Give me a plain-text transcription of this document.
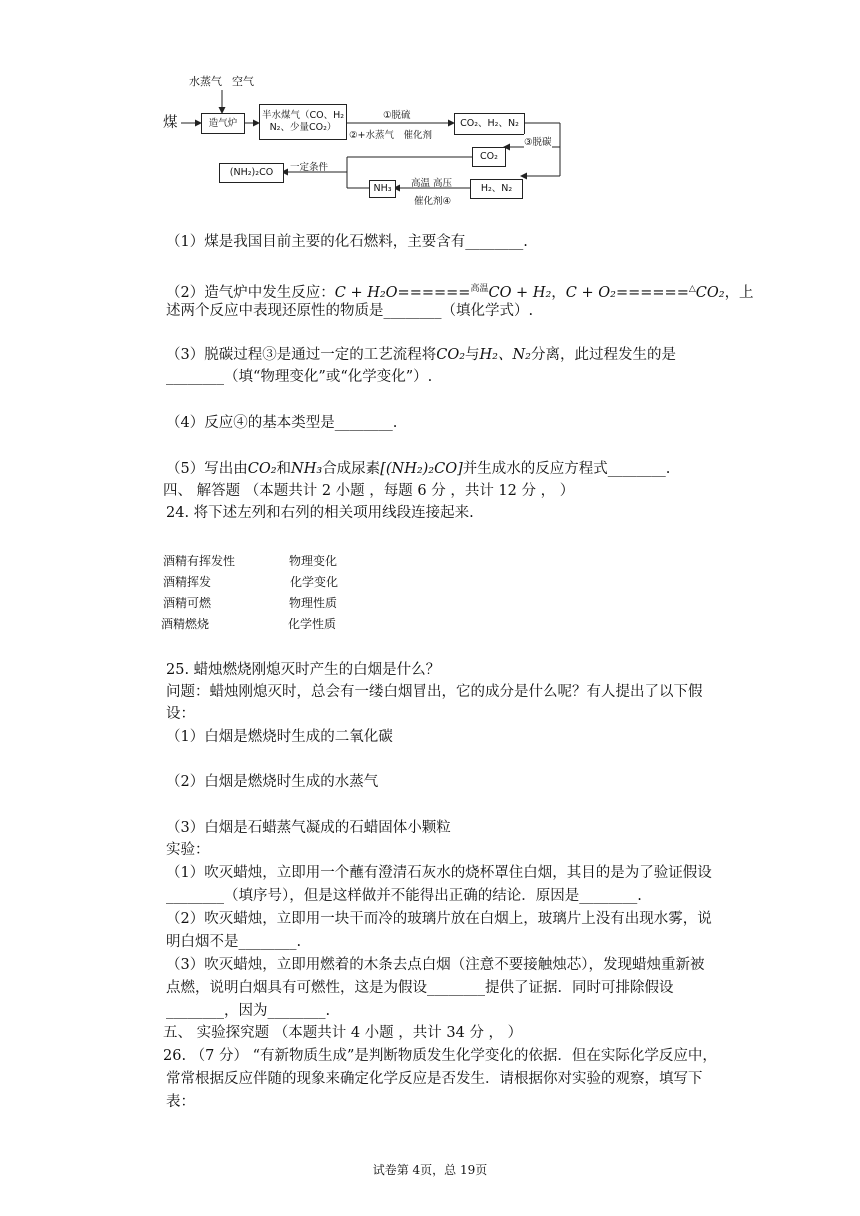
煤
水蒸气 空气
造气炉
半水煤气（CO、H₂
N₂、少量CO₂）
①脱硫
②+水蒸气　催化剂
CO₂、H₂、N₂
③脱碳
CO₂
H₂、N₂
高温 高压
催化剂④
NH₃
一定条件
(NH₂)₂CO
（1）煤是我国目前主要的化石燃料，主要含有________.
（2）造气炉中发生反应：C + H₂O======$^{高温}$CO + H₂，C + O₂======△CO₂，上
述两个反应中表现还原性的物质是________（填化学式）.
（3）脱碳过程③是通过一定的工艺流程将CO₂与H₂、N₂分离，此过程发生的是
________（填“物理变化”或“化学变化”）.
（4）反应④的基本类型是________.
（5）写出由CO₂和NH₃合成尿素[(NH₂)₂CO]并生成水的反应方程式________.
四、 解答题 （本题共计 2 小题 ，每题 6 分 ，共计 12 分 ， ）
24. 将下述左列和右列的相关项用线段连接起来.
酒精有挥发性
酒精挥发
酒精可燃
酒精燃烧
物理变化
化学变化
物理性质
化学性质
25. 蜡烛燃烧刚熄灭时产生的白烟是什么？
问题：蜡烛刚熄灭时，总会有一缕白烟冒出，它的成分是什么呢？有人提出了以下假
设：
（1）白烟是燃烧时生成的二氧化碳
（2）白烟是燃烧时生成的水蒸气
（3）白烟是石蜡蒸气凝成的石蜡固体小颗粒
实验：
（1）吹灭蜡烛，立即用一个蘸有澄清石灰水的烧杯罩住白烟，其目的是为了验证假设
________（填序号），但是这样做并不能得出正确的结论．原因是________.
（2）吹灭蜡烛，立即用一块干而冷的玻璃片放在白烟上，玻璃片上没有出现水雾，说
明白烟不是________.
（3）吹灭蜡烛，立即用燃着的木条去点白烟（注意不要接触烛芯），发现蜡烛重新被
点燃，说明白烟具有可燃性，这是为假设________提供了证据．同时可排除假设
________，因为________.
五、 实验探究题 （本题共计 4 小题 ，共计 34 分 ， ）
26. （7 分） “有新物质生成”是判断物质发生化学变化的依据．但在实际化学反应中，
常常根据反应伴随的现象来确定化学反应是否发生．请根据你对实验的观察，填写下
表：
试卷第 4页，总 19页
